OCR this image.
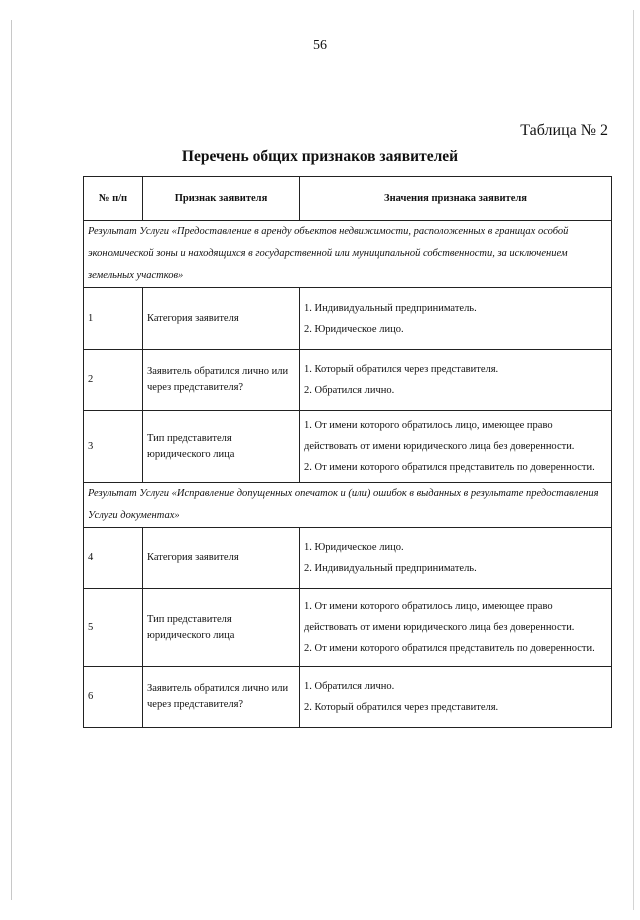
56
Таблица № 2
Перечень общих признаков заявителей
№ п/п	Признак заявителя	Значения признака заявителя
Результат Услуги «Предоставление в аренду объектов недвижимости, расположенных в границах особой экономической зоны и находящихся в государственной или муниципальной собственности, за исключением земельных участков»		
1	Категория заявителя	1. Индивидуальный предприниматель.
2. Юридическое лицо.

2	Заявитель обратился лично или через представителя?	1. Который обратился через представителя.
2. Обратился лично.

3	Тип представителя юридического лица	1. От имени которого обратилось лицо, имеющее право действовать от имени юридического лица без доверенности.
2. От имени которого обратился представитель по доверенности.

Результат Услуги «Исправление допущенных опечаток и (или) ошибок в выданных в результате предоставления Услуги документах»		
4	Категория заявителя	1. Юридическое лицо.
2. Индивидуальный предприниматель.

5	Тип представителя юридического лица	1. От имени которого обратилось лицо, имеющее право действовать от имени юридического лица без доверенности.
2. От имени которого обратился представитель по доверенности.

6	Заявитель обратился лично или через представителя?	1. Обратился лично.
2. Который обратился через представителя.
